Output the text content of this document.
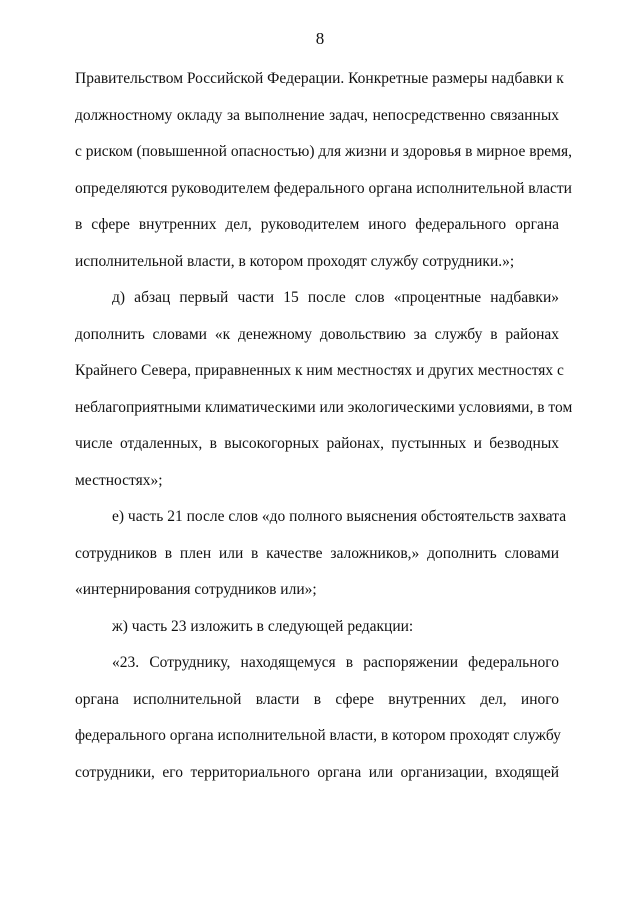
8
Правительством Российской Федерации. Конкретные размеры надбавки к
должностному окладу за выполнение задач, непосредственно связанных
с риском (повышенной опасностью) для жизни и здоровья в мирное время,
определяются руководителем федерального органа исполнительной власти
в сфере внутренних дел, руководителем иного федерального органа
исполнительной власти, в котором проходят службу сотрудники.»;
д) абзац первый части 15 после слов «процентные надбавки»
дополнить словами «к денежному довольствию за службу в районах
Крайнего Севера, приравненных к ним местностях и других местностях с
неблагоприятными климатическими или экологическими условиями, в том
числе отдаленных, в высокогорных районах, пустынных и безводных
местностях»;
е) часть 21 после слов «до полного выяснения обстоятельств захвата
сотрудников в плен или в качестве заложников,» дополнить словами
«интернирования сотрудников или»;
ж) часть 23 изложить в следующей редакции:
«23. Сотруднику, находящемуся в распоряжении федерального
органа исполнительной власти в сфере внутренних дел, иного
федерального органа исполнительной власти, в котором проходят службу
сотрудники, его территориального органа или организации, входящей
